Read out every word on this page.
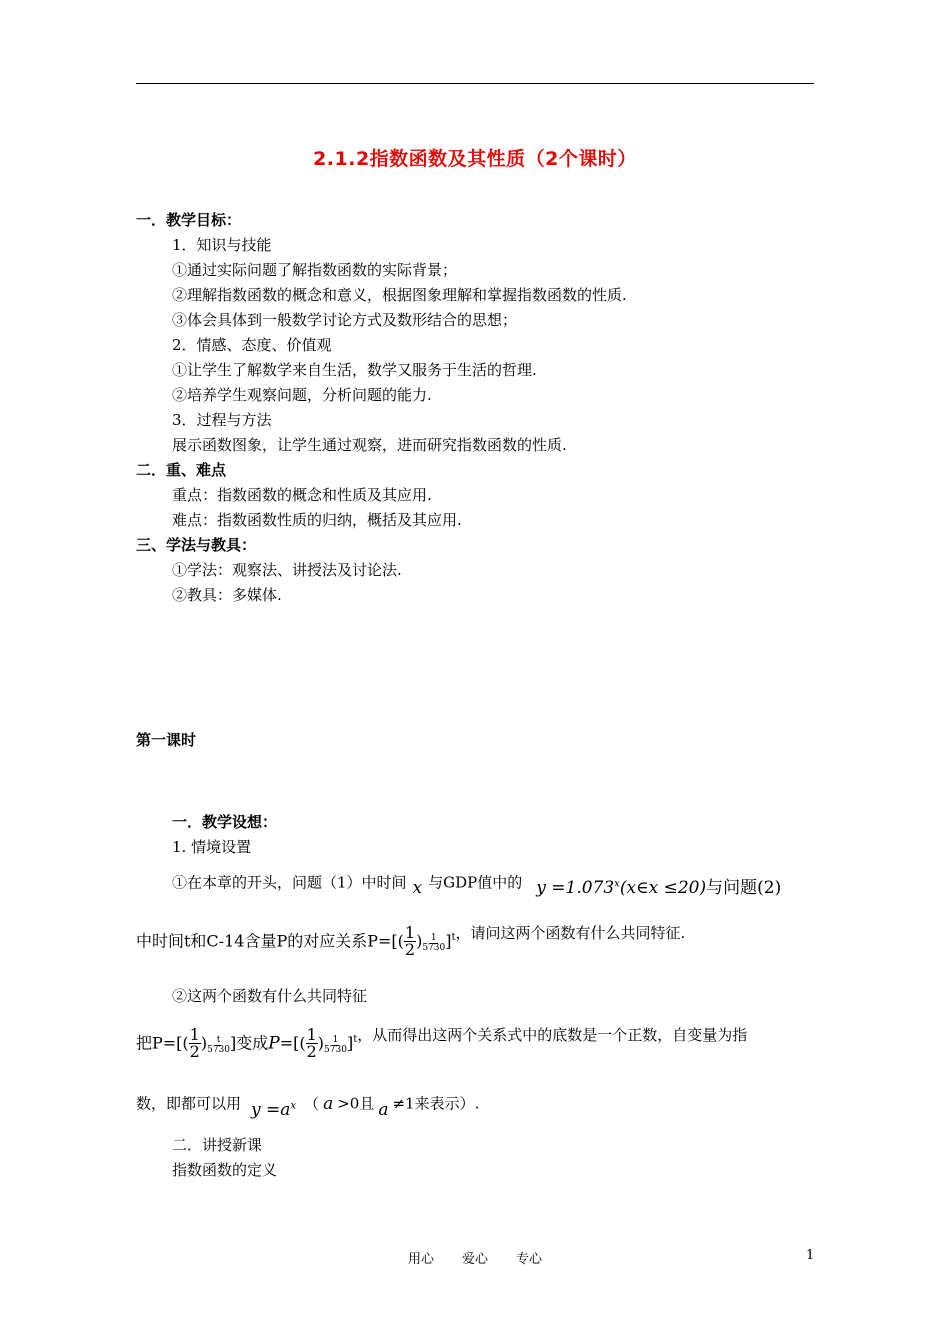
2.1.2指数函数及其性质（2个课时）
一．教学目标：
1．知识与技能
①通过实际问题了解指数函数的实际背景；
②理解指数函数的概念和意义，根据图象理解和掌握指数函数的性质.
③体会具体到一般数学讨论方式及数形结合的思想；
2．情感、态度、价值观
①让学生了解数学来自生活，数学又服务于生活的哲理.
②培养学生观察问题，分析问题的能力.
3．过程与方法
展示函数图象，让学生通过观察，进而研究指数函数的性质.
二．重、难点
重点：指数函数的概念和性质及其应用.
难点：指数函数性质的归纳，概括及其应用.
三、学法与教具：
①学法：观察法、讲授法及讨论法.
②教具：多媒体.
第一课时
一．教学设想：
1. 情境设置
①在本章的开头，问题（1）中时间 x 与GDP值中的 $y =1.073^x(x\in x \le 20)$与问题(2)
中时间t和C-14含量P的对应关系$P=[( \frac{1}{2}$ ) $\frac{1}{5730} ]^t$，请问这两个函数有什么共同特征.
②这两个函数有什么共同特征
把$P=[( \frac{1}{2}$ ) $\frac{t}{5730}$ ]变成$P=[( \frac{1}{2}$ ) $\frac{1}{5730} ]^t$，从而得出这两个关系式中的底数是一个正数，自变量为指
数，即都可以用 $y =a^x$ （ a >0且 a ≠1来表示）.
二．讲授新课
指数函数的定义
用心 爱心 专心	1
